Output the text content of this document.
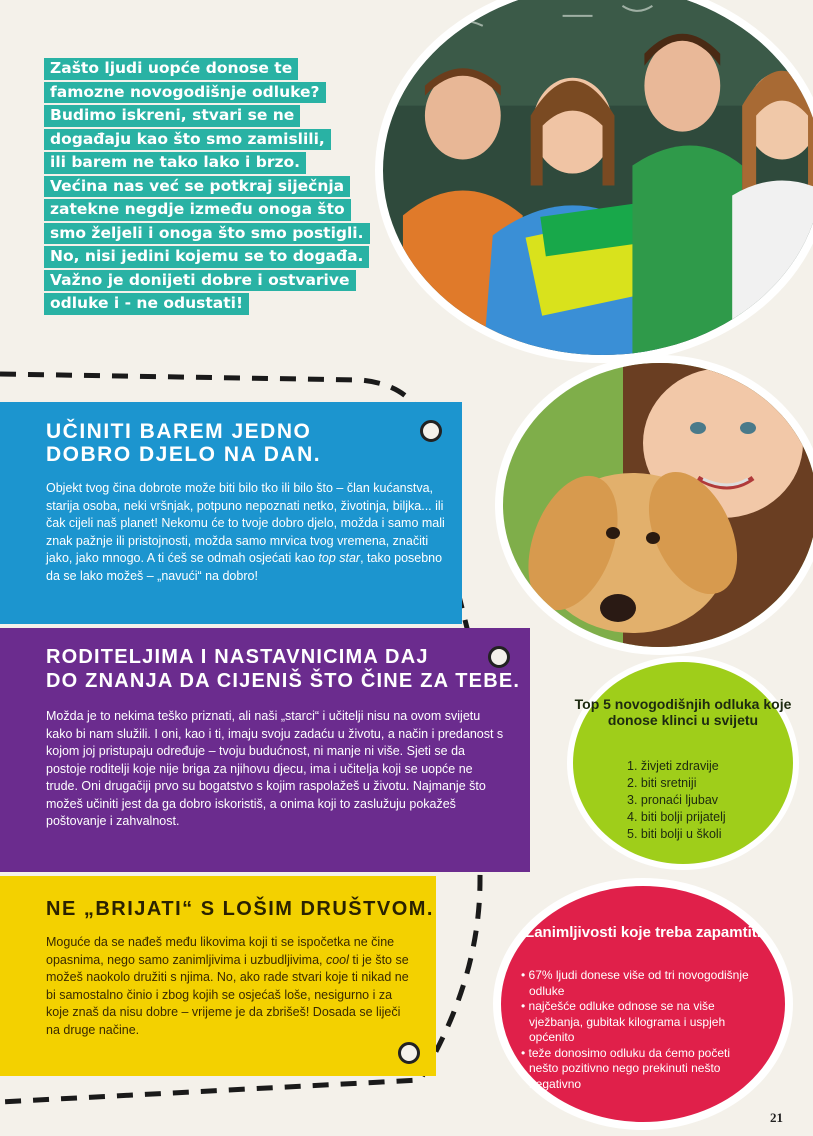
Zašto ljudi uopće donose te
famozne novogodišnje odluke?
Budimo iskreni, stvari se ne
događaju kao što smo zamislili,
ili barem ne tako lako i brzo.
Većina nas već se potkraj siječnja
zatekne negdje između onoga što
smo željeli i onoga što smo postigli.
No, nisi jedini kojemu se to događa.
Važno je donijeti dobre i ostvarive
odluke i - ne odustati!
UČINITI BAREM JEDNO
DOBRO DJELO NA DAN.

Objekt tvog čina dobrote može biti bilo tko ili bilo što – član kućanstva, starija osoba, neki vršnjak, potpuno nepoznati netko, životinja, biljka... ili čak cijeli naš planet! Nekomu će to tvoje dobro djelo, možda i samo mali znak pažnje ili pristojnosti, možda samo mrvica tvog vremena, značiti jako, jako mnogo. A ti ćeš se odmah osjećati kao top star, tako posebno da se lako možeš – „navući“ na dobro!

RODITELJIMA I NASTAVNICIMA DAJ
DO ZNANJA DA CIJENIŠ ŠTO ČINE ZA TEBE.

Možda je to nekima teško priznati, ali naši „starci“ i učitelji nisu na ovom svijetu kako bi nam služili. I oni, kao i ti, imaju svoju zadaću u životu, a način i predanost s kojom joj pristupaju određuje – tvoju budućnost, ni manje ni više. Sjeti se da postoje roditelji koje nije briga za njihovu djecu, ima i učitelja koji se uopće ne trude. Oni drugačiji prvo su bogatstvo s kojim raspolažeš u životu. Najmanje što možeš učiniti jest da ga dobro iskoristiš, a onima koji to zaslužuju pokažeš poštovanje i zahvalnost.

NE „BRIJATI“ S LOŠIM DRUŠTVOM.

Moguće da se nađeš među likovima koji ti se ispočetka ne čine opasnima, nego samo zanimljivima i uzbudljivima, cool ti je što se možeš naokolo družiti s njima. No, ako rade stvari koje ti nikad ne bi samostalno činio i zbog kojih se osjećaš loše, nesigurno i za koje znaš da nisu dobre – vrijeme je da zbrišeš! Dosada se liječi na druge načine.

Top 5 novogodišnjih odluka koje donose klinci u svijetu
1. živjeti zdravije
2. biti sretniji
3. pronaći ljubav
4. biti bolji prijatelj
5. biti bolji u školi
Zanimljivosti koje treba zapamtiti
• 67% ljudi donese više od tri novogodišnje odluke
• najčešće odluke odnose se na više vježbanja, gubitak kilograma i uspjeh općenito
• teže donosimo odluku da ćemo početi nešto pozitivno nego prekinuti nešto negativno
21
